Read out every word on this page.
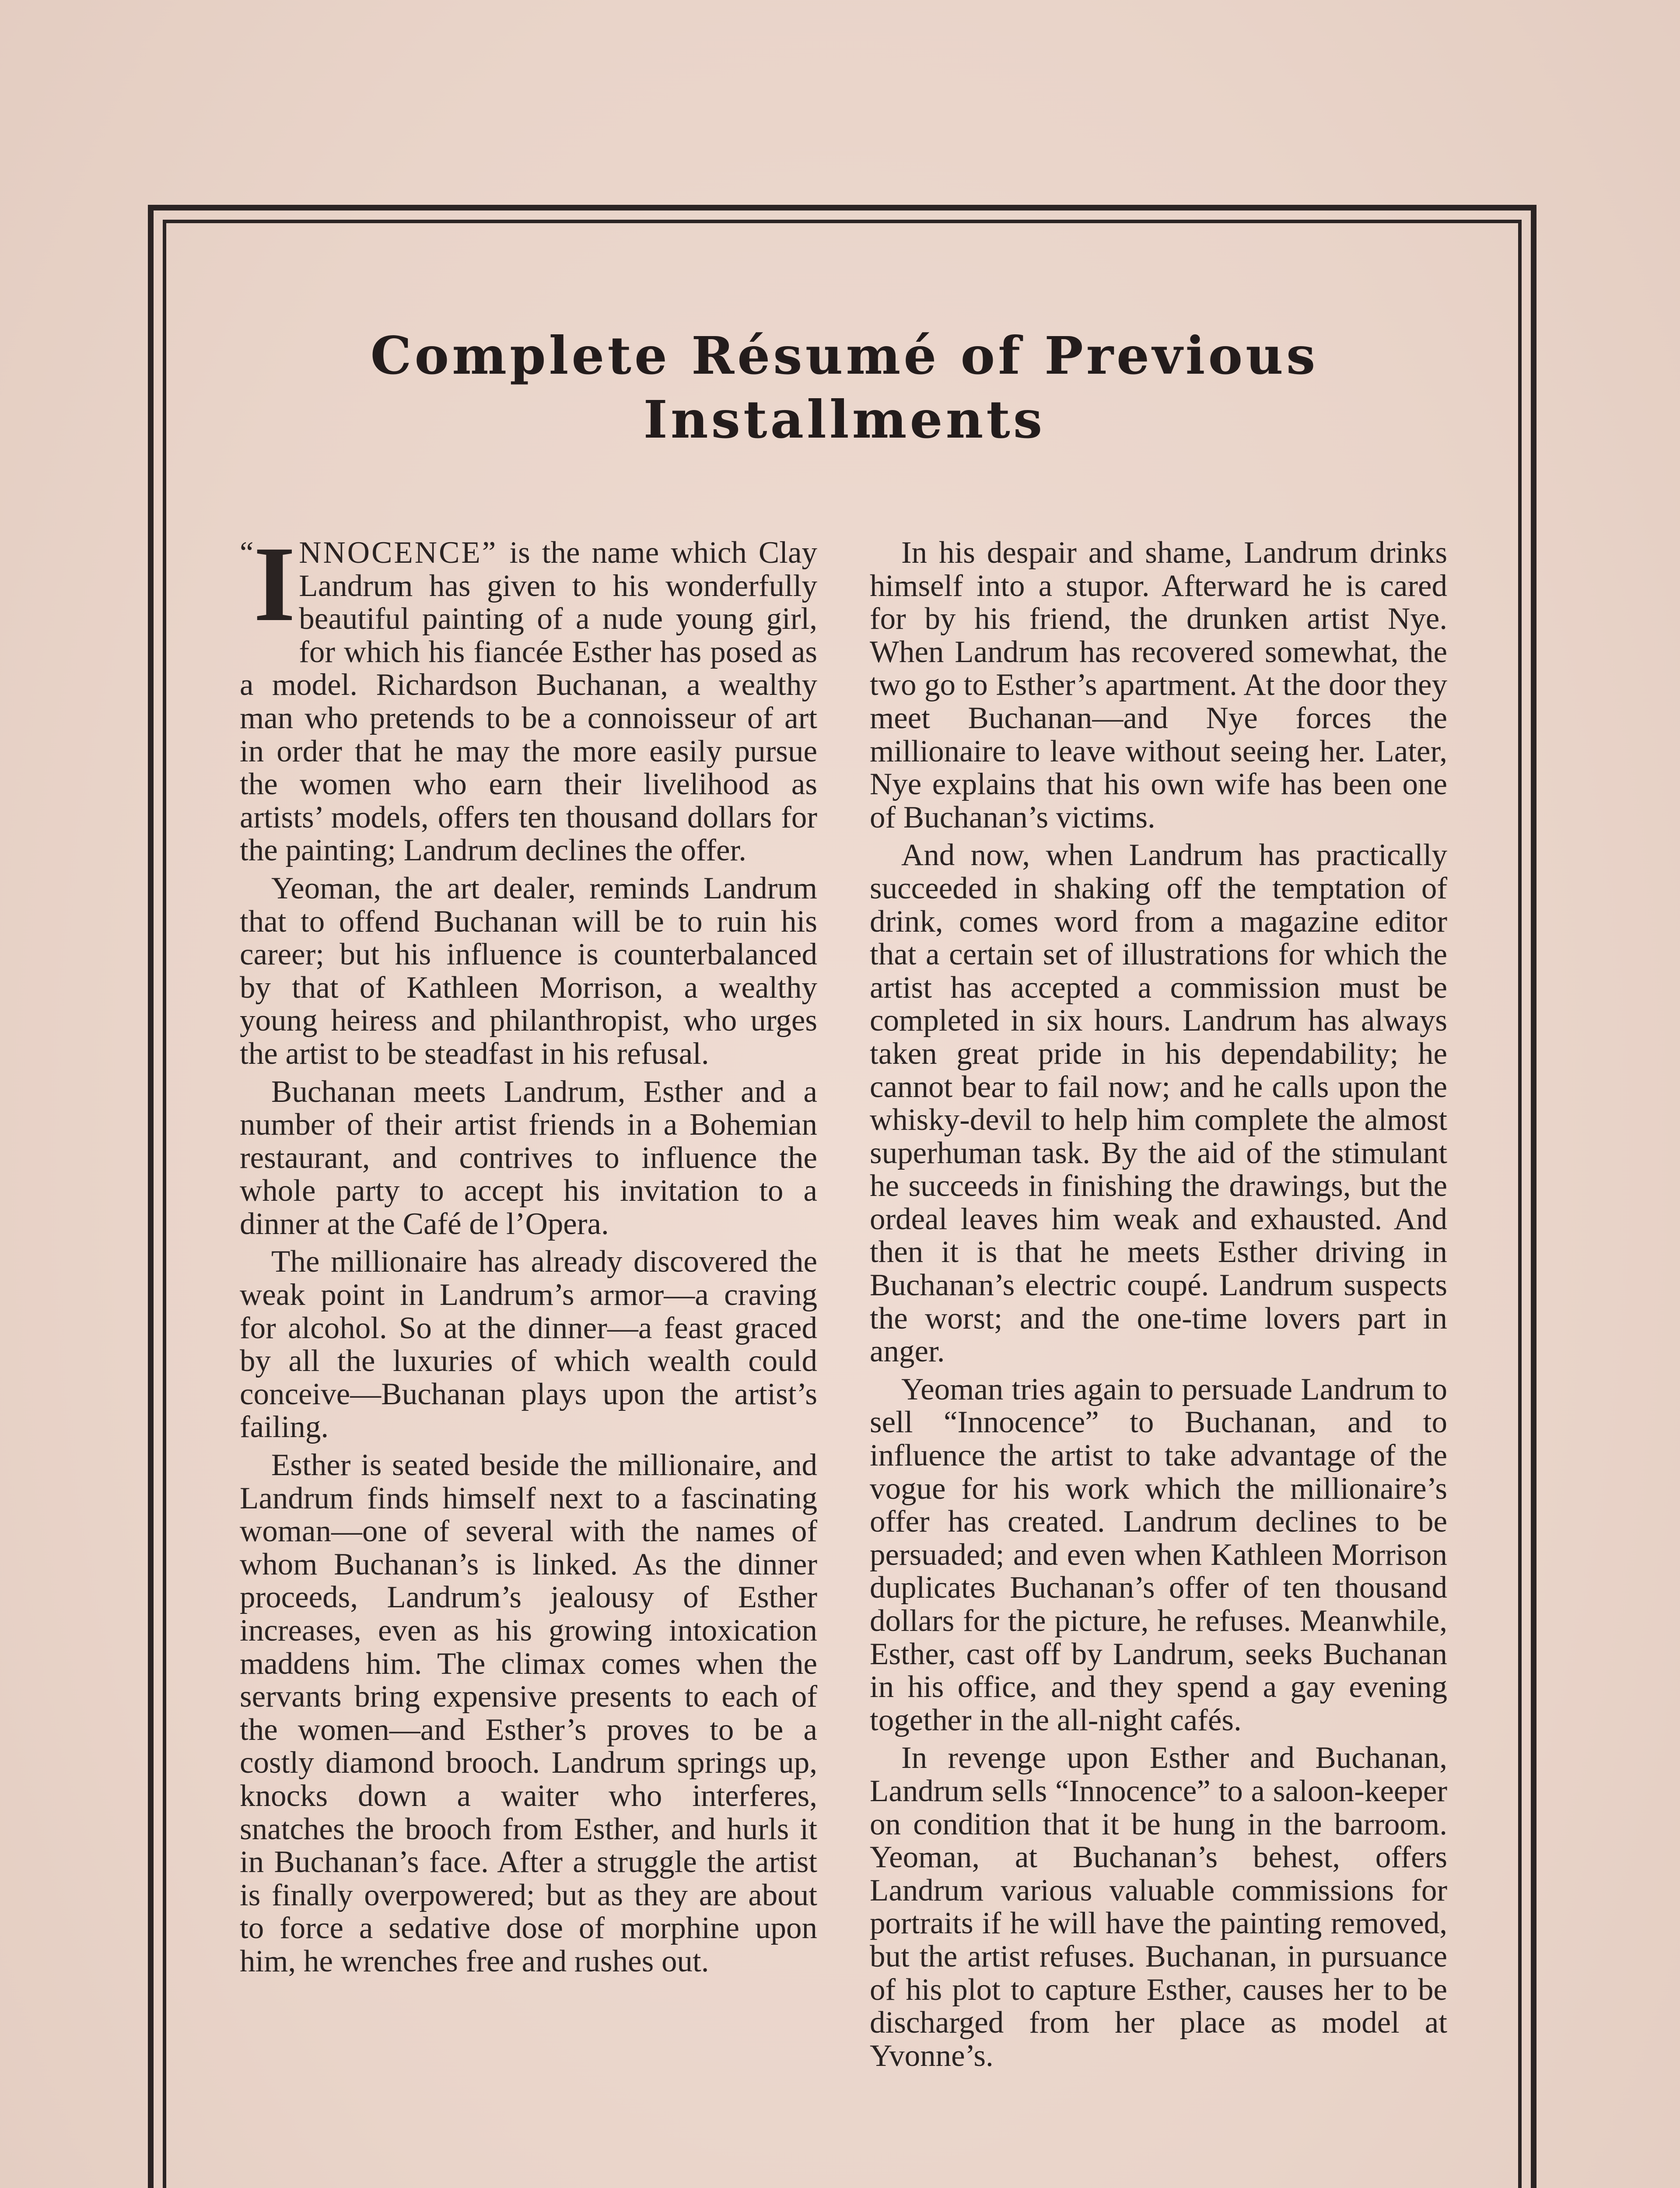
Complete Résumé of Previous
Installments

“ I NNOCENCE” is the name which Clay Landrum has given to his wonderfully beautiful painting of a nude young girl, for which his fiancée Esther has posed as a model. Richardson Buchanan, a wealthy man who pretends to be a connoisseur of art in order that he may the more easily pursue the women who earn their livelihood as artists’ models, offers ten thousand dollars for the painting; Landrum declines the offer.

Yeoman, the art dealer, reminds Landrum that to offend Buchanan will be to ruin his career; but his influence is counterbalanced by that of Kathleen Morrison, a wealthy young heiress and philanthropist, who urges the artist to be steadfast in his refusal.

Buchanan meets Landrum, Esther and a number of their artist friends in a Bohemian restaurant, and contrives to influence the whole party to accept his invitation to a dinner at the Café de l’Opera.

The millionaire has already discovered the weak point in Landrum’s armor—a craving for alcohol. So at the dinner—a feast graced by all the luxuries of which wealth could conceive—Buchanan plays upon the artist’s failing.

Esther is seated beside the millionaire, and Landrum finds himself next to a fascinating woman—one of several with the names of whom Buchanan’s is linked. As the dinner proceeds, Landrum’s jealousy of Esther increases, even as his growing intoxication maddens him. The climax comes when the servants bring expensive presents to each of the women—and Esther’s proves to be a costly diamond brooch. Landrum springs up, knocks down a waiter who interferes, snatches the brooch from Esther, and hurls it in Buchanan’s face. After a struggle the artist is finally overpowered; but as they are about to force a sedative dose of morphine upon him, he wrenches free and rushes out.

In his despair and shame, Landrum drinks himself into a stupor. Afterward he is cared for by his friend, the drunken artist Nye. When Landrum has recovered somewhat, the two go to Esther’s apartment. At the door they meet Buchanan—and Nye forces the millionaire to leave without seeing her. Later, Nye explains that his own wife has been one of Buchanan’s victims.

And now, when Landrum has practically succeeded in shaking off the temptation of drink, comes word from a magazine editor that a certain set of illustrations for which the artist has accepted a commission must be completed in six hours. Landrum has always taken great pride in his dependability; he cannot bear to fail now; and he calls upon the whisky-devil to help him complete the almost superhuman task. By the aid of the stimulant he succeeds in finishing the drawings, but the ordeal leaves him weak and exhausted. And then it is that he meets Esther driving in Buchanan’s electric coupé. Landrum suspects the worst; and the one-time lovers part in anger.

Yeoman tries again to persuade Landrum to sell “Innocence” to Buchanan, and to influence the artist to take advantage of the vogue for his work which the millionaire’s offer has created. Landrum declines to be persuaded; and even when Kathleen Morrison duplicates Buchanan’s offer of ten thousand dollars for the picture, he refuses. Meanwhile, Esther, cast off by Landrum, seeks Buchanan in his office, and they spend a gay evening together in the all-night cafés.

In revenge upon Esther and Buchanan, Landrum sells “Innocence” to a saloon-keeper on condition that it be hung in the barroom. Yeoman, at Buchanan’s behest, offers Landrum various valuable commissions for portraits if he will have the painting removed, but the artist refuses. Buchanan, in pursuance of his plot to capture Esther, causes her to be discharged from her place as model at Yvonne’s.
